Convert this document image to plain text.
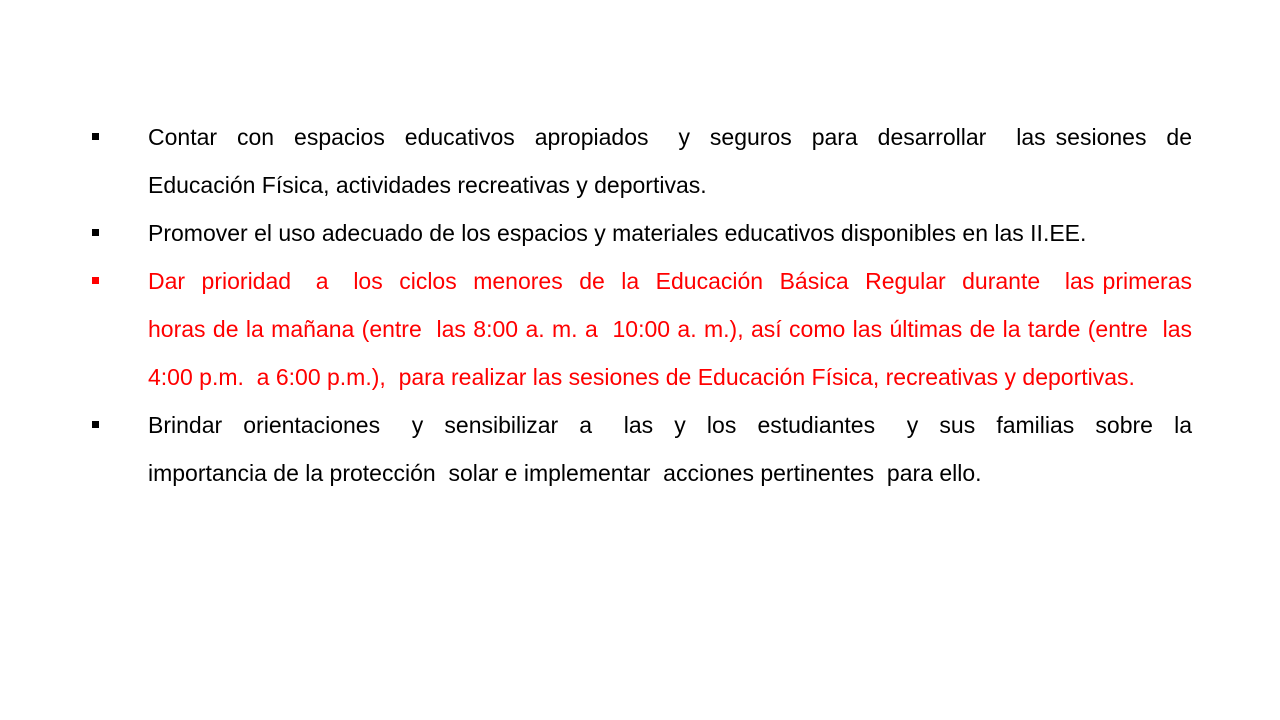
Contar  con  espacios  educativos  apropiados   y  seguros  para  desarrollar   las sesiones  de Educación Física, actividades recreativas y deportivas.
Promover el uso adecuado de los espacios y materiales educativos disponibles en las II.EE.
Dar  prioridad   a   los  ciclos  menores  de  la  Educación  Básica  Regular  durante   las primeras horas de la mañana (entre  las 8:00 a. m. a  10:00 a. m.), así como las últimas de la tarde (entre  las 4:00 p.m.  a 6:00 p.m.),  para realizar las sesiones de Educación Física, recreativas y deportivas.
Brindar  orientaciones   y  sensibilizar  a   las  y  los  estudiantes   y  sus  familias  sobre  la importancia de la protección  solar e implementar  acciones pertinentes  para ello.
